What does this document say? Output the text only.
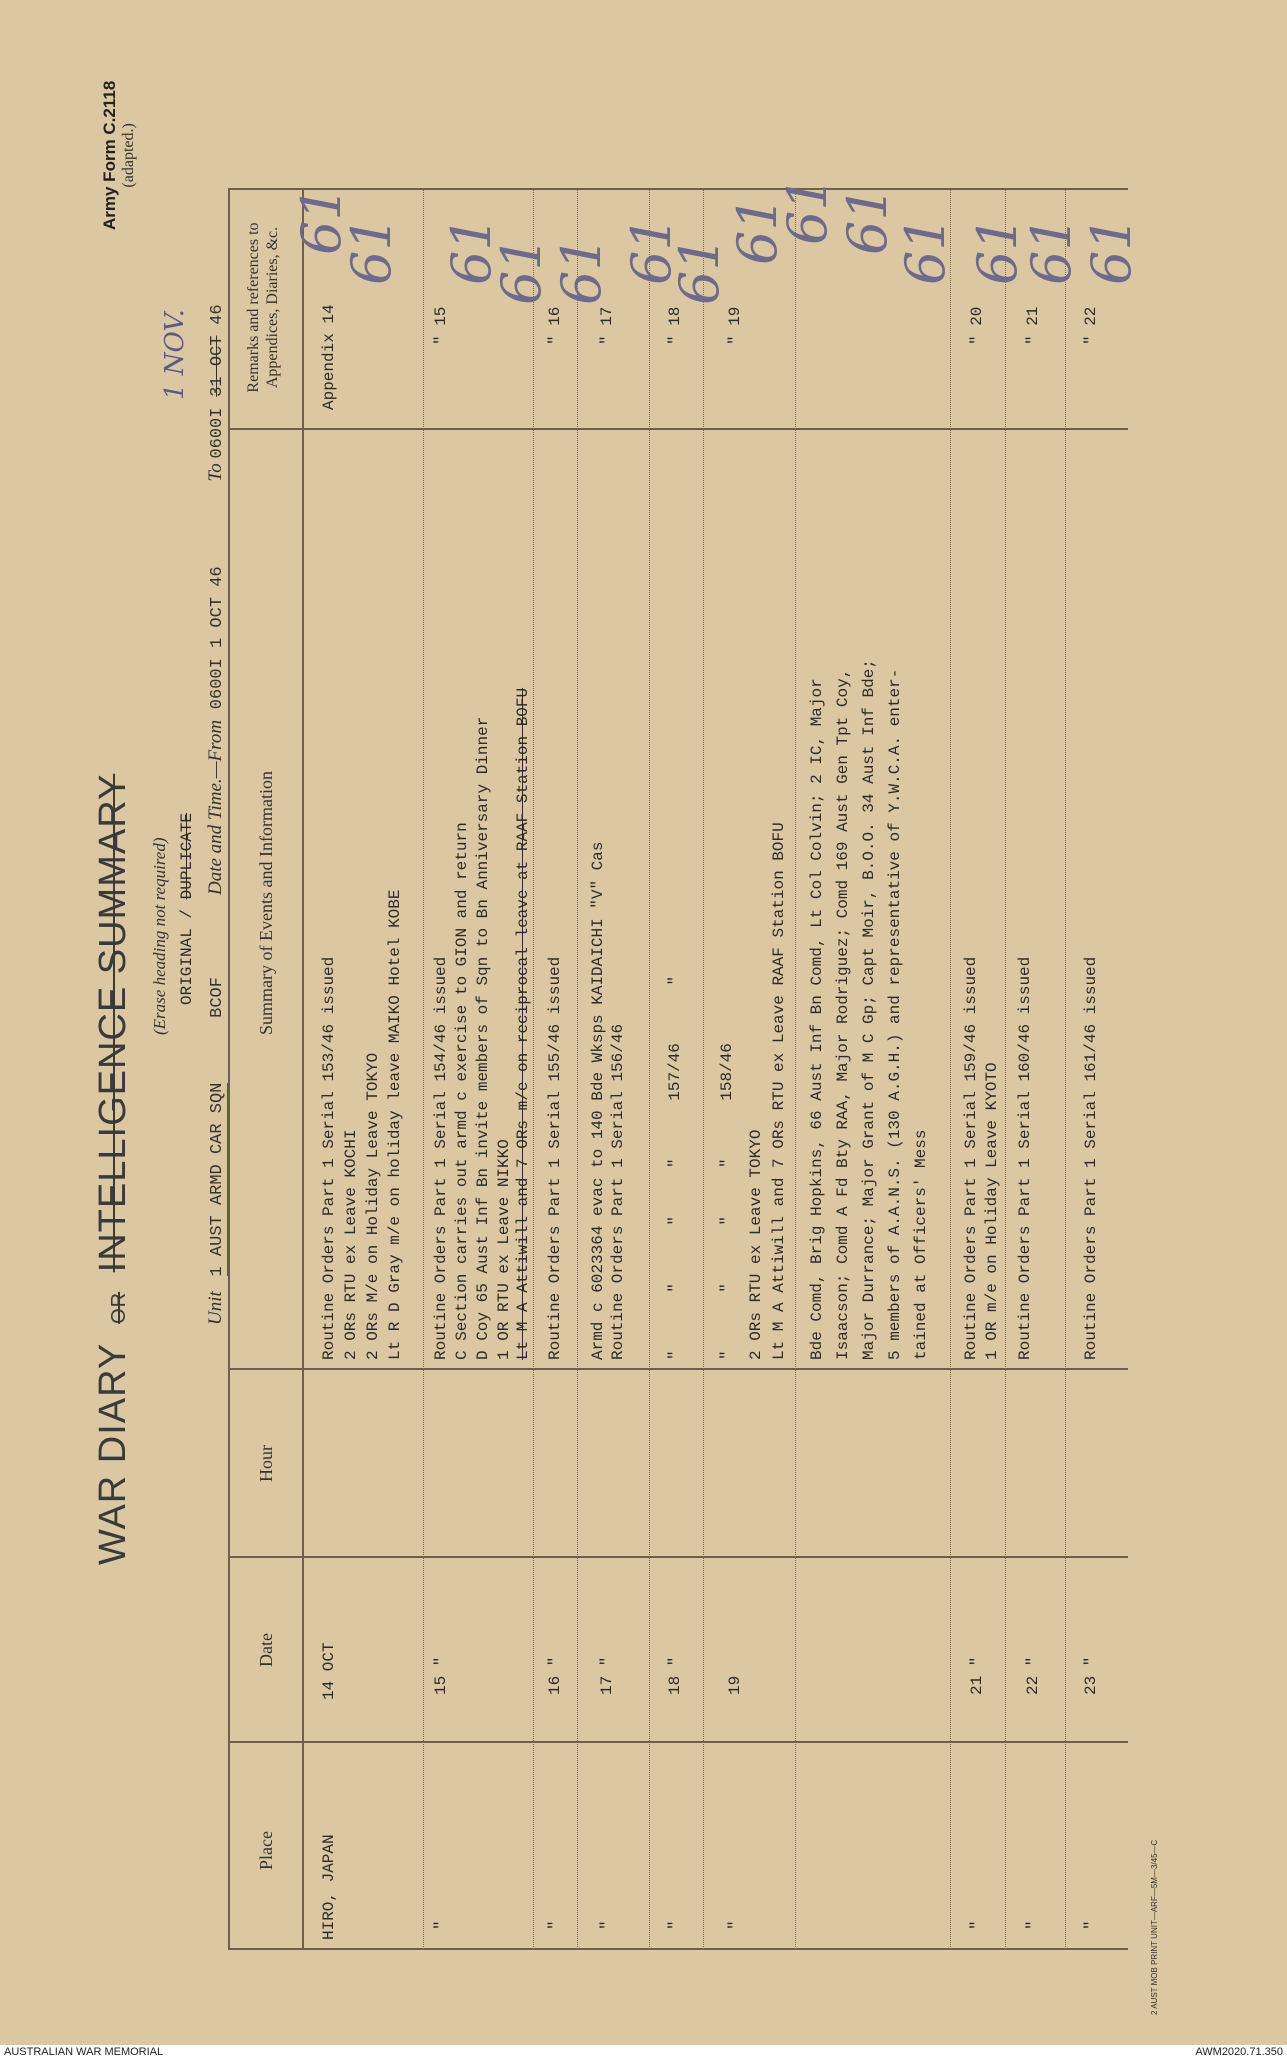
WAR DIARY OR INTELLIGENCE SUMMARY (Erase heading not required)
Army Form C.2118 (adapted.)
ORIGINAL / DUPLICATE
Unit 1 AUST ARMD CAR SQN BCOF
Date and Time.—From 0600I 1 OCT 46 To 0600I 31 OCT 46
1 NOV.
Place
Date
Hour
Summary of Events and Information
Remarks and references to Appendices, Diaries, &c.
HIRO, JAPAN
14 OCT
Routine Orders Part 1 Serial 153/46 issued 2 ORs RTU ex Leave KOCHI 2 ORs M/e on Holiday Leave TOKYO Lt R D Gray m/e on holiday leave MAIKO Hotel KOBE
Appendix 14
"
15 "
Routine Orders Part 1 Serial 154/46 issued C Section carries out armd c exercise to GION and return D Coy 65 Aust Inf Bn invite members of Sqn to Bn Anniversary Dinner 1 OR RTU ex Leave NIKKO Lt M A Attiwill and 7 ORs m/e on reciprocal leave at RAAF Station BOFU
" 15
"
16 "
Routine Orders Part 1 Serial 155/46 issued
" 16
"
17 "
Armd c 6023364 evac to 140 Bde Wksps KAIDAICHI "V" Cas Routine Orders Part 1 Serial 156/46
" 17
"
18 "
"      "      "     "      157/46      "
" 18
"
19
"      "      "     "      158/46 2 ORs RTU ex Leave TOKYO Lt M A Attiwill and 7 ORs RTU ex Leave RAAF Station BOFU
" 19
Bde Comd, Brig Hopkins, 66 Aust Inf Bn Comd, Lt Col Colvin; 2 IC, Major Isaacson; Comd A Fd Bty RAA, Major Rodriguez; Comd 169 Aust Gen Tpt Coy, Major Durrance; Major Grant of M C Gp; Capt Moir, B.O.O. 34 Aust Inf Bde; 5 members of A.A.N.S. (130 A.G.H.) and representative of Y.W.C.A. enter- tained at Officers' Mess
"
21 "
Routine Orders Part 1 Serial 159/46 issued 1 OR m/e on Holiday Leave KYOTO
" 20
"
22 "
Routine Orders Part 1 Serial 160/46 issued
" 21
"
23 "
Routine Orders Part 1 Serial 161/46 issued
" 22
61
61 61
61
61 61
61
61
61
61
61 61
61
61
2 AUST MOB PRINT UNIT—ARF—5M—3/45—C
AUSTRALIAN WAR MEMORIAL	AWM2020.71.350
